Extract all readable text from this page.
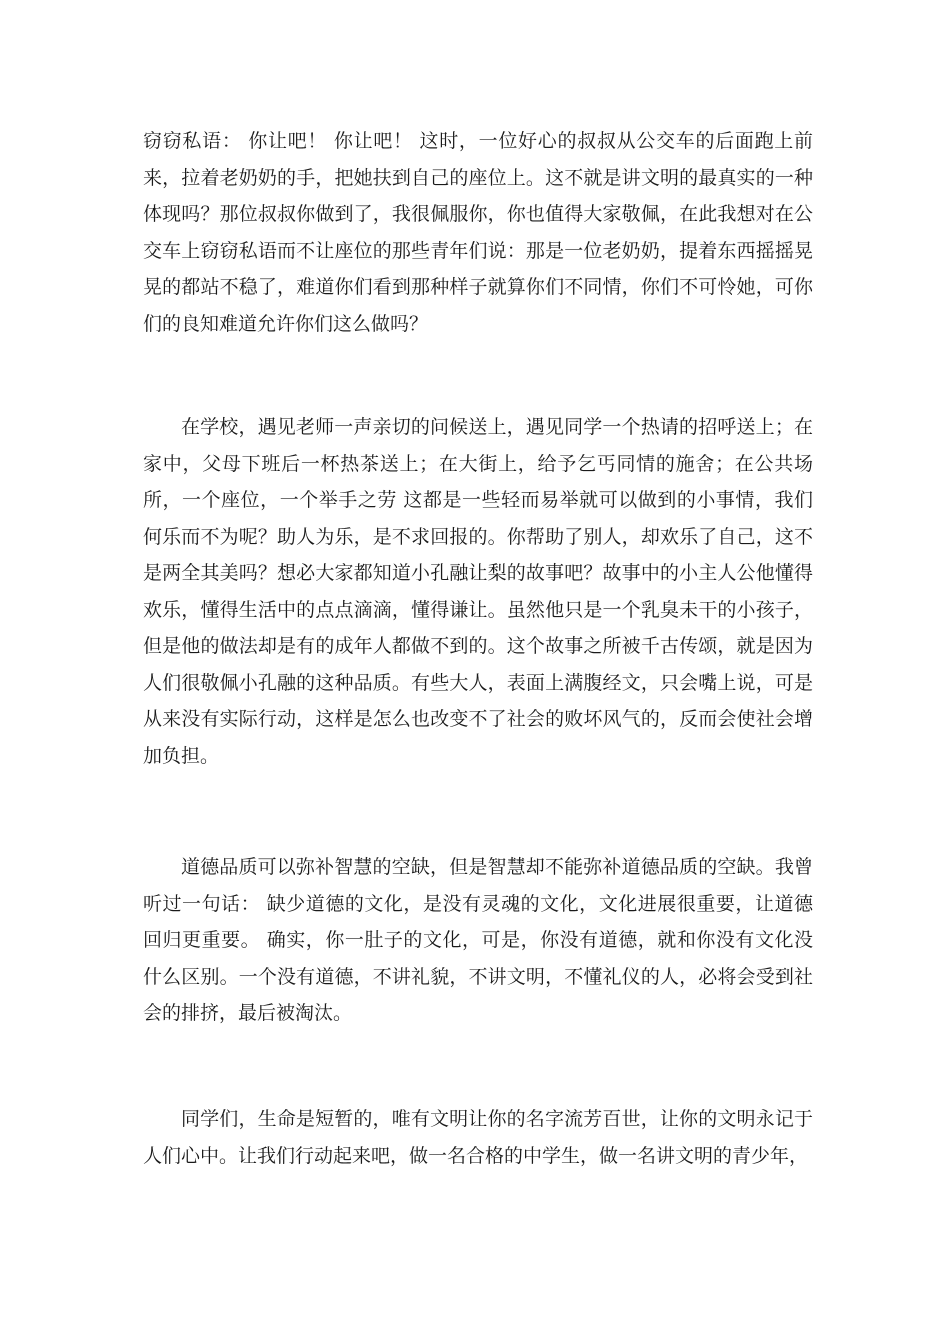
窃窃私语： 你让吧！ 你让吧！ 这时，一位好心的叔叔从公交车的后面跑上前来，拉着老奶奶的手，把她扶到自己的座位上。这不就是讲文明的最真实的一种体现吗？那位叔叔你做到了，我很佩服你，你也值得大家敬佩，在此我想对在公交车上窃窃私语而不让座位的那些青年们说：那是一位老奶奶，提着东西摇摇晃晃的都站不稳了，难道你们看到那种样子就算你们不同情，你们不可怜她，可你们的良知难道允许你们这么做吗？

在学校，遇见老师一声亲切的问候送上，遇见同学一个热请的招呼送上；在家中，父母下班后一杯热茶送上；在大街上，给予乞丐同情的施舍；在公共场所，一个座位，一个举手之劳 这都是一些轻而易举就可以做到的小事情，我们何乐而不为呢？助人为乐，是不求回报的。你帮助了别人，却欢乐了自己，这不是两全其美吗？想必大家都知道小孔融让梨的故事吧？故事中的小主人公他懂得欢乐，懂得生活中的点点滴滴，懂得谦让。虽然他只是一个乳臭未干的小孩子，但是他的做法却是有的成年人都做不到的。这个故事之所被千古传颂，就是因为人们很敬佩小孔融的这种品质。有些大人，表面上满腹经文，只会嘴上说，可是从来没有实际行动，这样是怎么也改变不了社会的败坏风气的，反而会使社会增加负担。

道德品质可以弥补智慧的空缺，但是智慧却不能弥补道德品质的空缺。我曾听过一句话： 缺少道德的文化，是没有灵魂的文化，文化进展很重要，让道德回归更重要。 确实，你一肚子的文化，可是，你没有道德，就和你没有文化没什么区别。一个没有道德，不讲礼貌，不讲文明，不懂礼仪的人，必将会受到社会的排挤，最后被淘汰。

同学们，生命是短暂的，唯有文明让你的名字流芳百世，让你的文明永记于人们心中。让我们行动起来吧，做一名合格的中学生，做一名讲文明的青少年，
